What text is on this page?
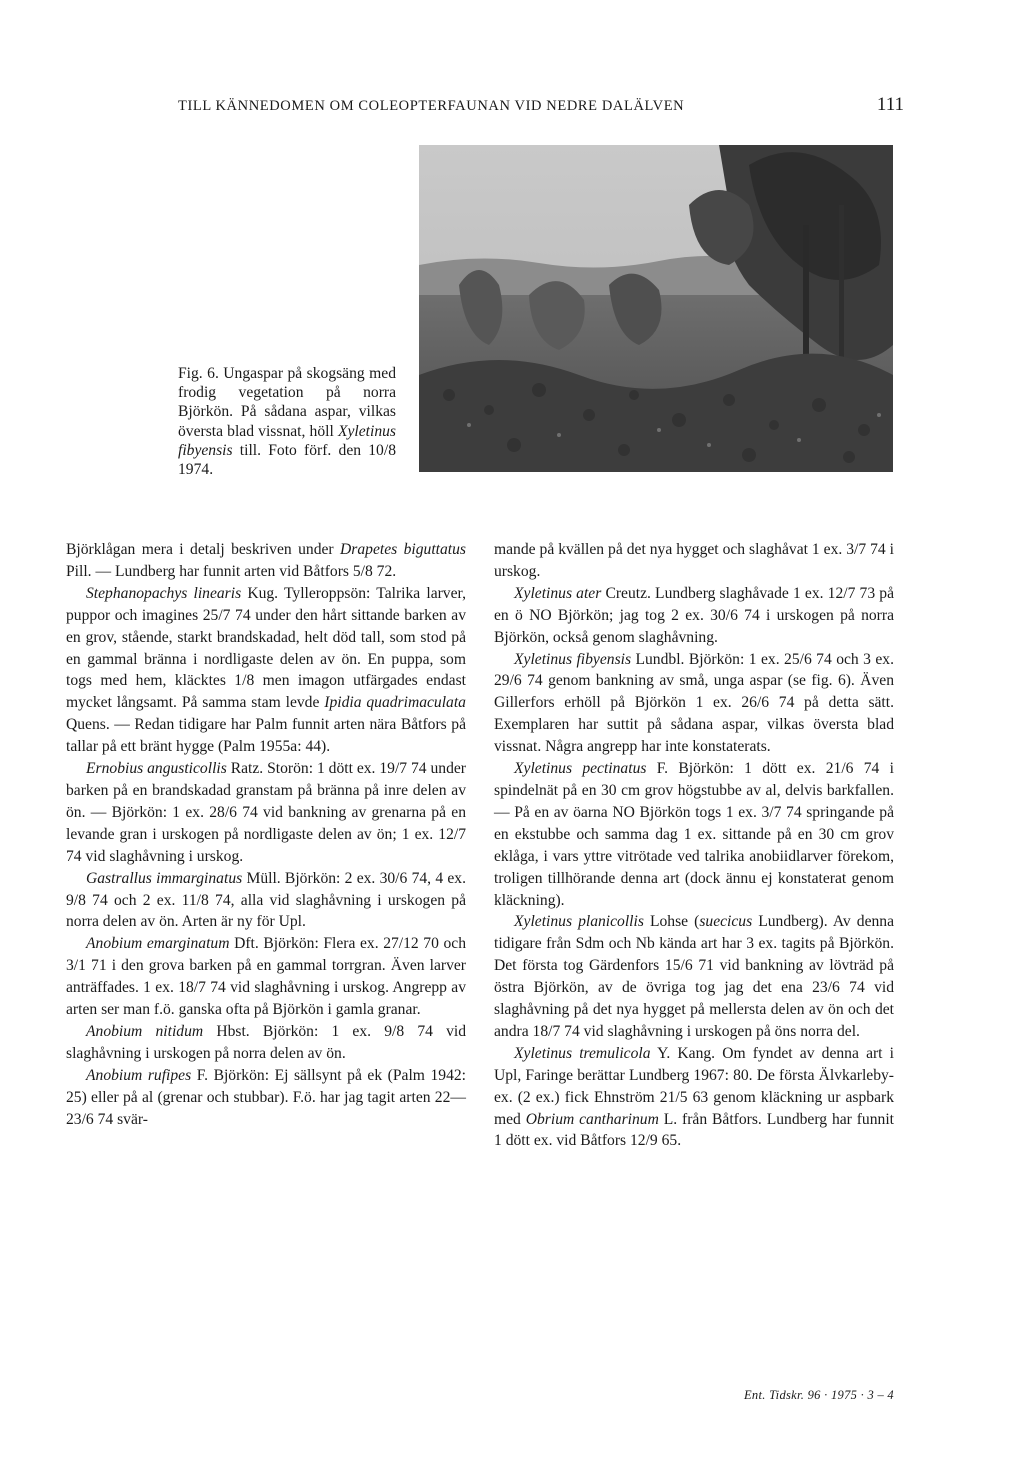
TILL KÄNNEDOMEN OM COLEOPTERFAUNAN VID NEDRE DALÄLVEN	111
Fig. 6. Ungaspar på skogsäng med frodig vegetation på norra Björkön. På sådana aspar, vilkas översta blad vissnat, höll Xyletinus fibyensis till. Foto förf. den 10/8 1974.

Björklågan mera i detalj beskriven under Drapetes biguttatus Pill. — Lundberg har funnit arten vid Båtfors 5/8 72.

Stephanopachys linearis Kug. Tylleroppsön: Talrika larver, puppor och imagines 25/7 74 under den hårt sittande barken av en grov, stående, starkt brandskadad, helt död tall, som stod på en gammal bränna i nordligaste delen av ön. En puppa, som togs med hem, kläcktes 1/8 men imagon utfärgades endast mycket långsamt. På samma stam levde Ipidia quadrimaculata Quens. — Redan tidigare har Palm funnit arten nära Båtfors på tallar på ett bränt hygge (Palm 1955a: 44).

Ernobius angusticollis Ratz. Storön: 1 dött ex. 19/7 74 under barken på en brandskadad granstam på bränna på inre delen av ön. — Björkön: 1 ex. 28/6 74 vid bankning av grenarna på en levande gran i urskogen på nordligaste delen av ön; 1 ex. 12/7 74 vid slaghåvning i urskog.

Gastrallus immarginatus Müll. Björkön: 2 ex. 30/6 74, 4 ex. 9/8 74 och 2 ex. 11/8 74, alla vid slaghåvning i urskogen på norra delen av ön. Arten är ny för Upl.

Anobium emarginatum Dft. Björkön: Flera ex. 27/12 70 och 3/1 71 i den grova barken på en gammal torrgran. Även larver anträffades. 1 ex. 18/7 74 vid slaghåvning i urskog. Angrepp av arten ser man f.ö. ganska ofta på Björkön i gamla granar.

Anobium nitidum Hbst. Björkön: 1 ex. 9/8 74 vid slaghåvning i urskogen på norra delen av ön.

Anobium rufipes F. Björkön: Ej sällsynt på ek (Palm 1942: 25) eller på al (grenar och stubbar). F.ö. har jag tagit arten 22—23/6 74 svär-

mande på kvällen på det nya hygget och slaghåvat 1 ex. 3/7 74 i urskog.

Xyletinus ater Creutz. Lundberg slaghåvade 1 ex. 12/7 73 på en ö NO Björkön; jag tog 2 ex. 30/6 74 i urskogen på norra Björkön, också genom slaghåvning.

Xyletinus fibyensis Lundbl. Björkön: 1 ex. 25/6 74 och 3 ex. 29/6 74 genom bankning av små, unga aspar (se fig. 6). Även Gillerfors erhöll på Björkön 1 ex. 26/6 74 på detta sätt. Exemplaren har suttit på sådana aspar, vilkas översta blad vissnat. Några angrepp har inte konstaterats.

Xyletinus pectinatus F. Björkön: 1 dött ex. 21/6 74 i spindelnät på en 30 cm grov högstubbe av al, delvis barkfallen. — På en av öarna NO Björkön togs 1 ex. 3/7 74 springande på en ekstubbe och samma dag 1 ex. sittande på en 30 cm grov eklåga, i vars yttre vitrötade ved talrika anobiidlarver förekom, troligen tillhörande denna art (dock ännu ej konstaterat genom kläckning).

Xyletinus planicollis Lohse (suecicus Lundberg). Av denna tidigare från Sdm och Nb kända art har 3 ex. tagits på Björkön. Det första tog Gärdenfors 15/6 71 vid bankning av lövträd på östra Björkön, av de övriga tog jag det ena 23/6 74 vid slaghåvning på det nya hygget på mellersta delen av ön och det andra 18/7 74 vid slaghåvning i urskogen på öns norra del.

Xyletinus tremulicola Y. Kang. Om fyndet av denna art i Upl, Faringe berättar Lundberg 1967: 80. De första Älvkarleby-ex. (2 ex.) fick Ehnström 21/5 63 genom kläckning ur aspbark med Obrium cantharinum L. från Båtfors. Lundberg har funnit 1 dött ex. vid Båtfors 12/9 65.

Ent. Tidskr. 96 · 1975 · 3 – 4
